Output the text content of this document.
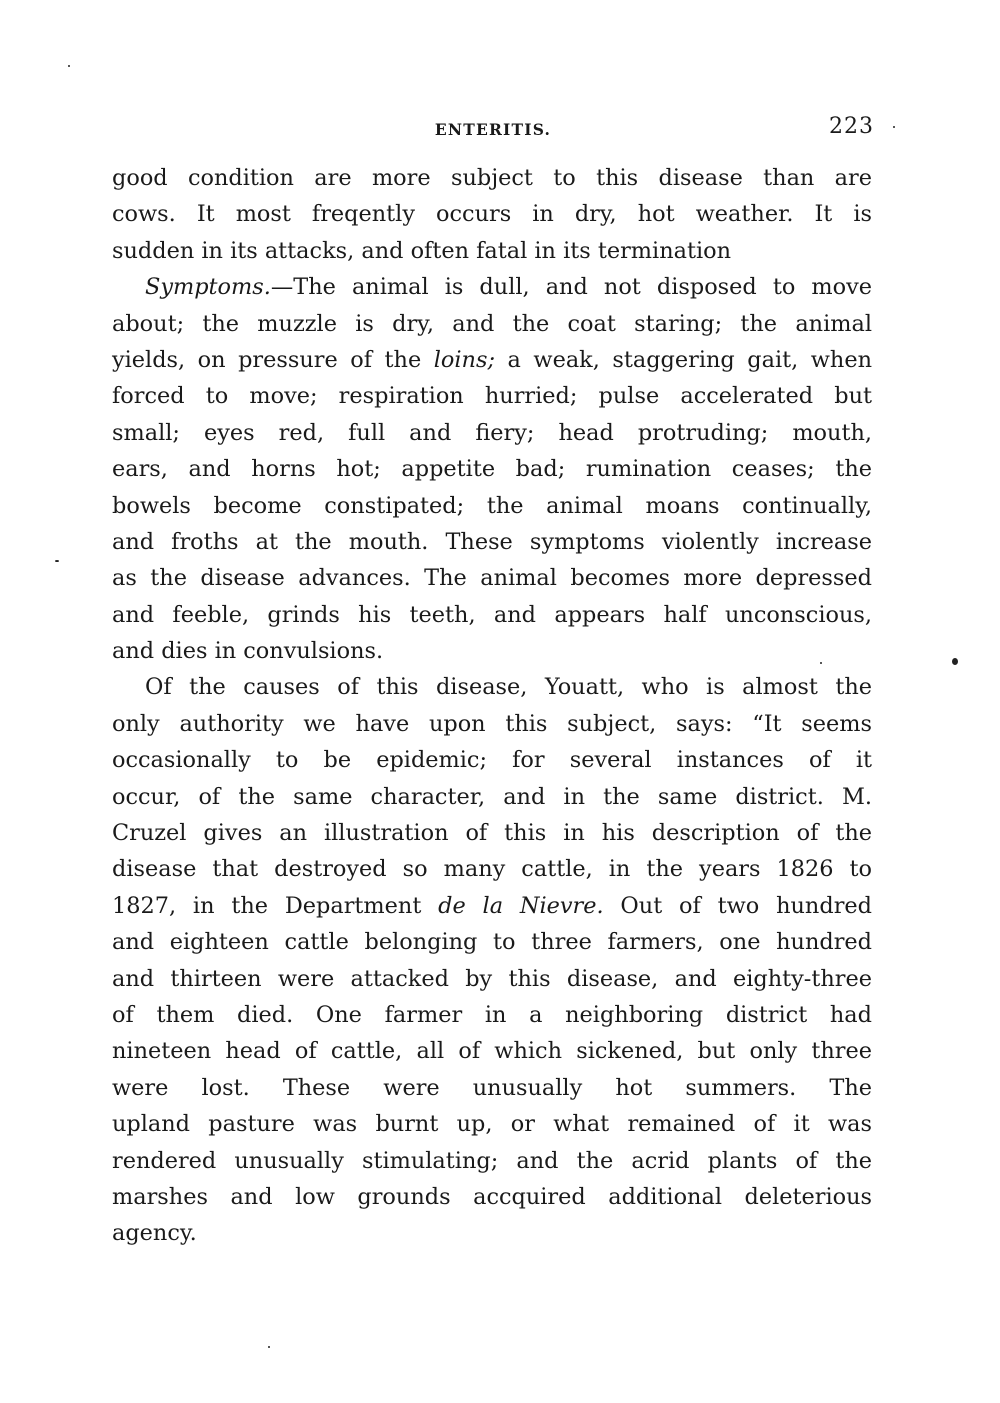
ENTERITIS.	223
good condition are more subject to this disease than are
cows. It most freqently occurs in dry, hot weather. It is
sudden in its attacks, and often fatal in its termination
Symptoms.—The animal is dull, and not disposed to move
about; the muzzle is dry, and the coat staring; the animal
yields, on pressure of the loins; a weak, staggering gait, when
forced to move; respiration hurried; pulse accelerated but
small; eyes red, full and fiery; head protruding; mouth,
ears, and horns hot; appetite bad; rumination ceases; the
bowels become constipated; the animal moans continually,
and froths at the mouth. These symptoms violently increase
as the disease advances. The animal becomes more depressed
and feeble, grinds his teeth, and appears half unconscious,
and dies in convulsions.
Of the causes of this disease, Youatt, who is almost the
only authority we have upon this subject, says: “It seems
occasionally to be epidemic; for several instances of it
occur, of the same character, and in the same district. M.
Cruzel gives an illustration of this in his description of the
disease that destroyed so many cattle, in the years 1826 to
1827, in the Department de la Nievre. Out of two hundred
and eighteen cattle belonging to three farmers, one hundred
and thirteen were attacked by this disease, and eighty-three
of them died. One farmer in a neighboring district had
nineteen head of cattle, all of which sickened, but only three
were lost. These were unusually hot summers. The
upland pasture was burnt up, or what remained of it was
rendered unusually stimulating; and the acrid plants of the
marshes and low grounds accquired additional deleterious
agency.
